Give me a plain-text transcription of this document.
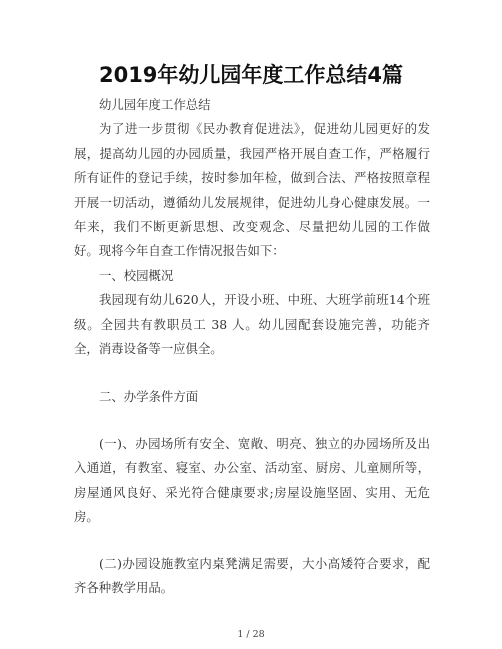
2019年幼儿园年度工作总结4篇

幼儿园年度工作总结

为了进一步贯彻《民办教育促进法》，促进幼儿园更好的发展，提高幼儿园的办园质量，我园严格开展自查工作，严格履行所有证件的登记手续，按时参加年检，做到合法、严格按照章程开展一切活动，遵循幼儿发展规律，促进幼儿身心健康发展。一年来，我们不断更新思想、改变观念、尽量把幼儿园的工作做好。现将今年自查工作情况报告如下：

一、校园概况

我园现有幼儿620人，开设小班、中班、大班学前班14个班级。全园共有教职员工 38 人。幼儿园配套设施完善，功能齐全，消毒设备等一应俱全。

二、办学条件方面

(一)、办园场所有安全、宽敞、明亮、独立的办园场所及出入通道，有教室、寝室、办公室、活动室、厨房、儿童厕所等，房屋通风良好、采光符合健康要求;房屋设施坚固、实用、无危房。

(二)办园设施教室内桌凳满足需要，大小高矮符合要求，配齐各种教学用品。

1 / 28
